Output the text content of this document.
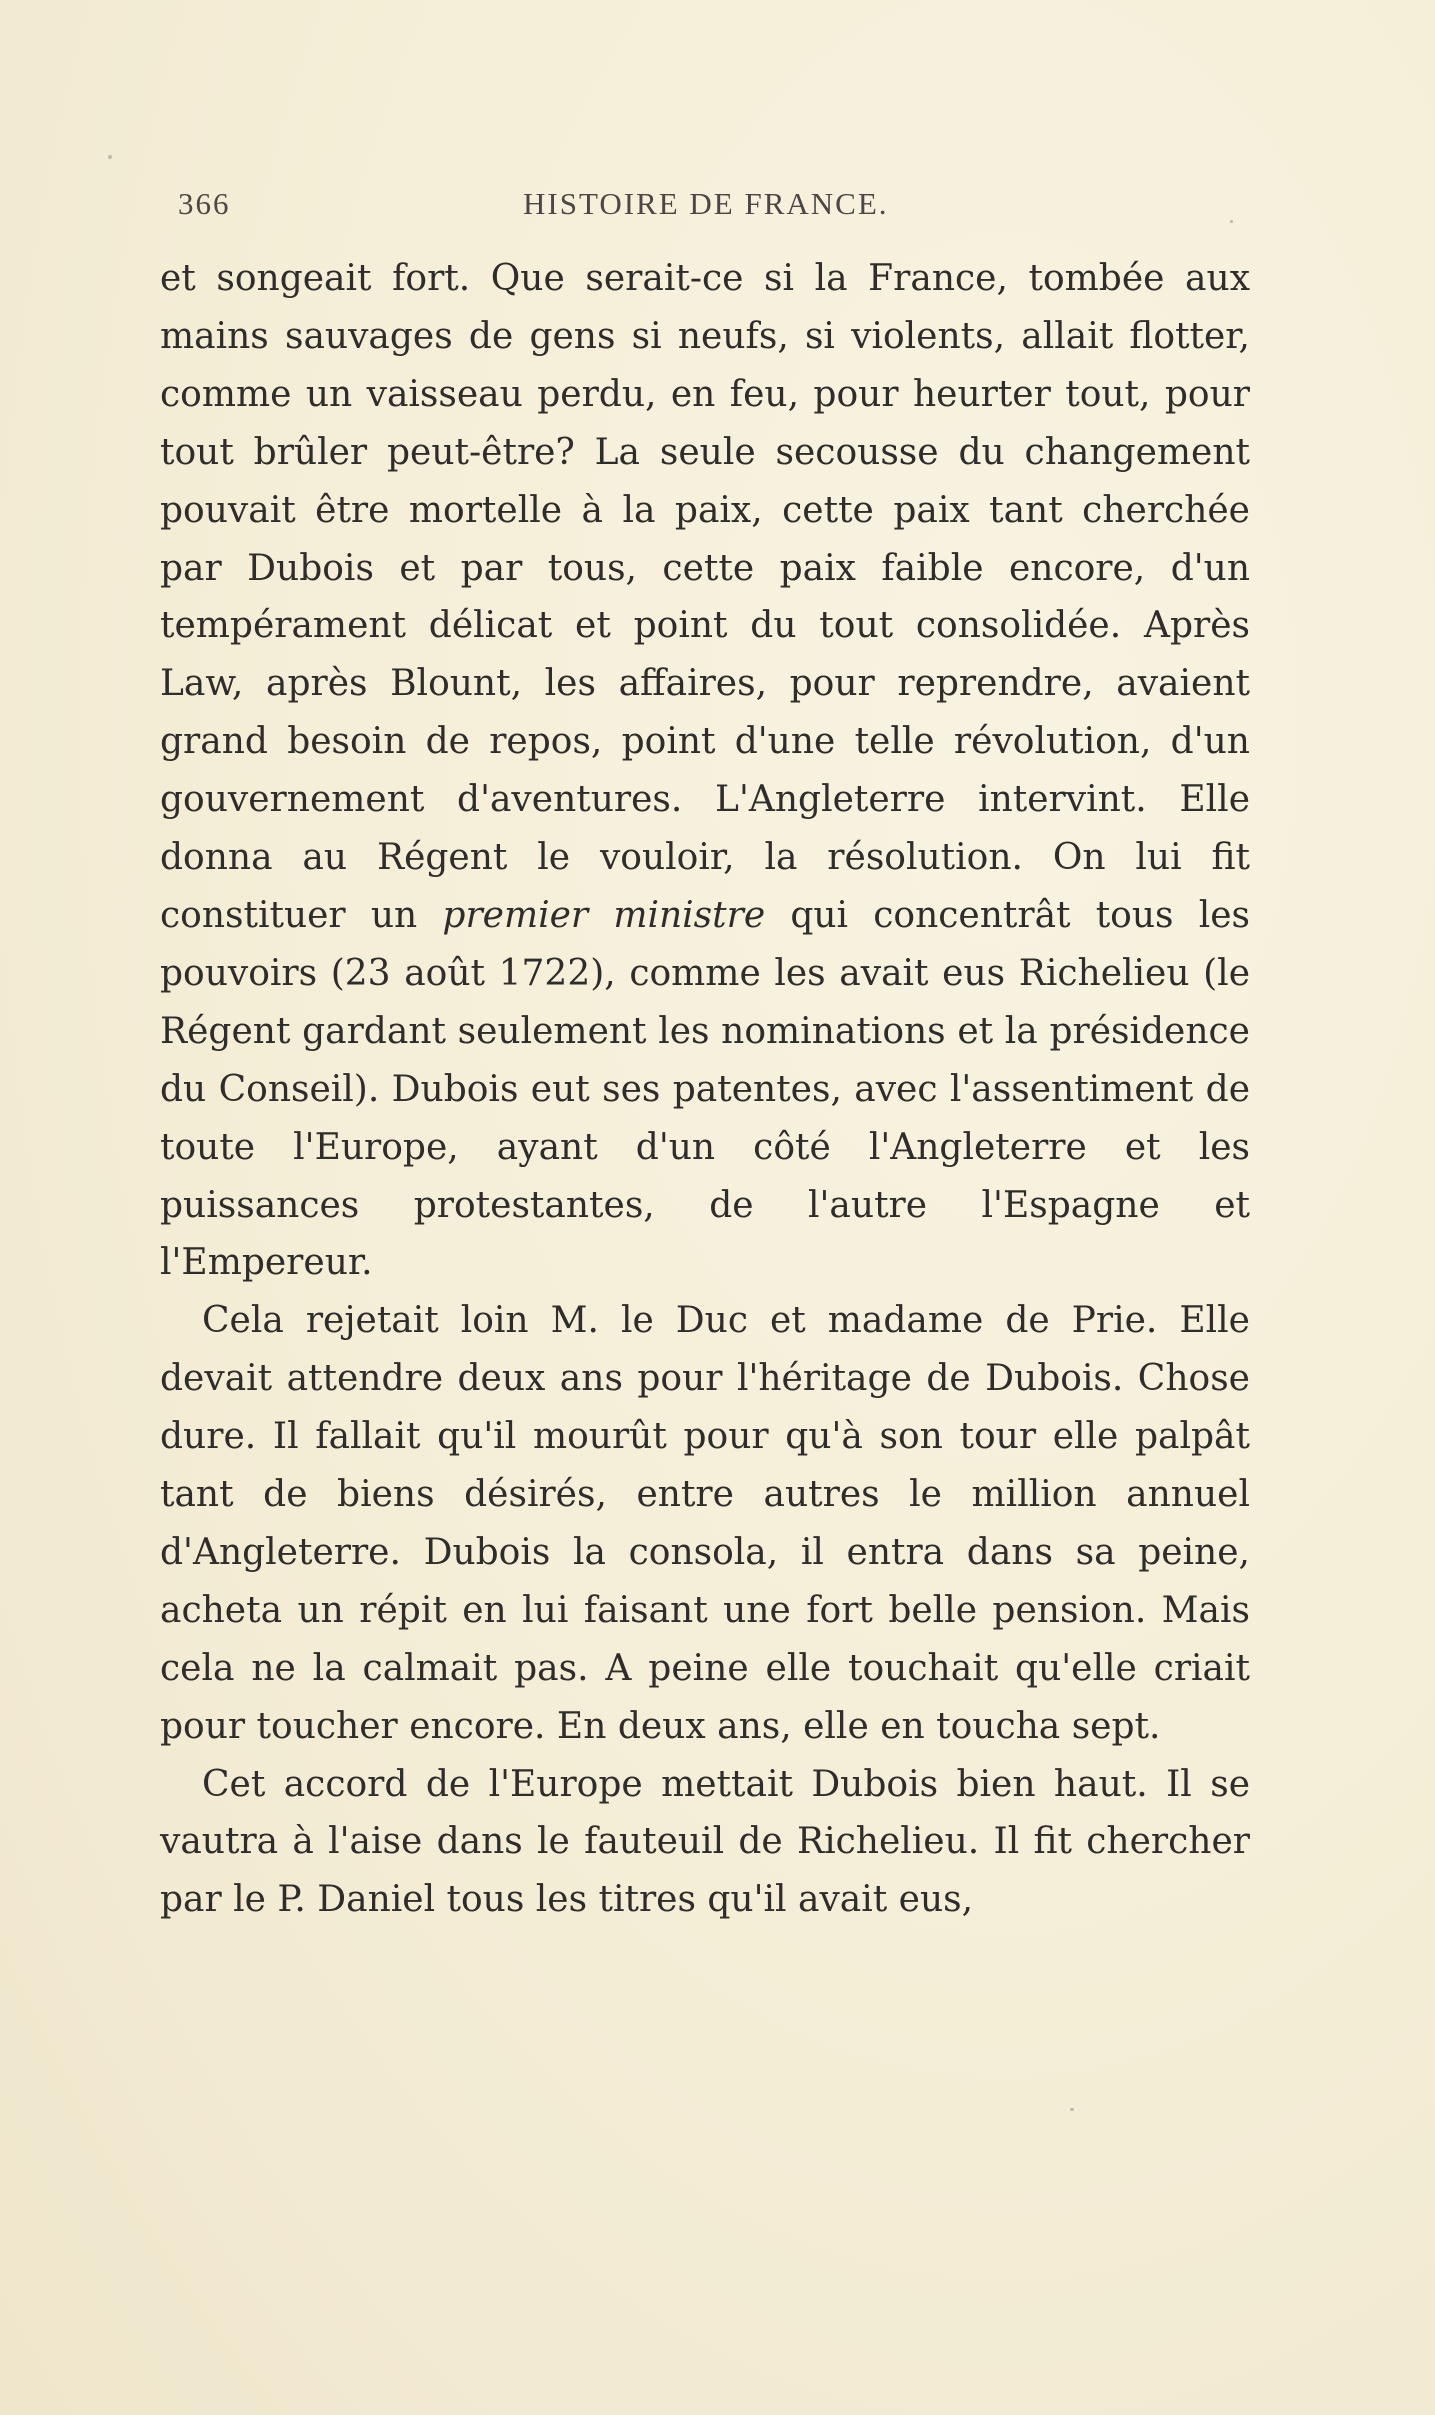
366	HISTOIRE DE FRANCE.

et songeait fort. Que serait-ce si la France, tombée aux mains sauvages de gens si neufs, si violents, allait flotter, comme un vaisseau perdu, en feu, pour heurter tout, pour tout brûler peut-être? La seule secousse du changement pouvait être mortelle à la paix, cette paix tant cherchée par Dubois et par tous, cette paix faible encore, d'un tempérament délicat et point du tout consolidée. Après Law, après Blount, les affaires, pour reprendre, avaient grand besoin de repos, point d'une telle révolution, d'un gouvernement d'aventures. L'Angleterre intervint. Elle donna au Régent le vouloir, la résolution. On lui fit constituer un premier ministre qui concentrât tous les pouvoirs (23 août 1722), comme les avait eus Richelieu (le Régent gardant seulement les nominations et la présidence du Conseil). Dubois eut ses patentes, avec l'assentiment de toute l'Europe, ayant d'un côté l'Angleterre et les puissances protestantes, de l'autre l'Espagne et l'Empereur.

Cela rejetait loin M. le Duc et madame de Prie. Elle devait attendre deux ans pour l'héritage de Dubois. Chose dure. Il fallait qu'il mourût pour qu'à son tour elle palpât tant de biens désirés, entre autres le million annuel d'Angleterre. Dubois la consola, il entra dans sa peine, acheta un répit en lui faisant une fort belle pension. Mais cela ne la calmait pas. A peine elle touchait qu'elle criait pour toucher encore. En deux ans, elle en toucha sept.

Cet accord de l'Europe mettait Dubois bien haut. Il se vautra à l'aise dans le fauteuil de Richelieu. Il fit chercher par le P. Daniel tous les titres qu'il avait eus,
